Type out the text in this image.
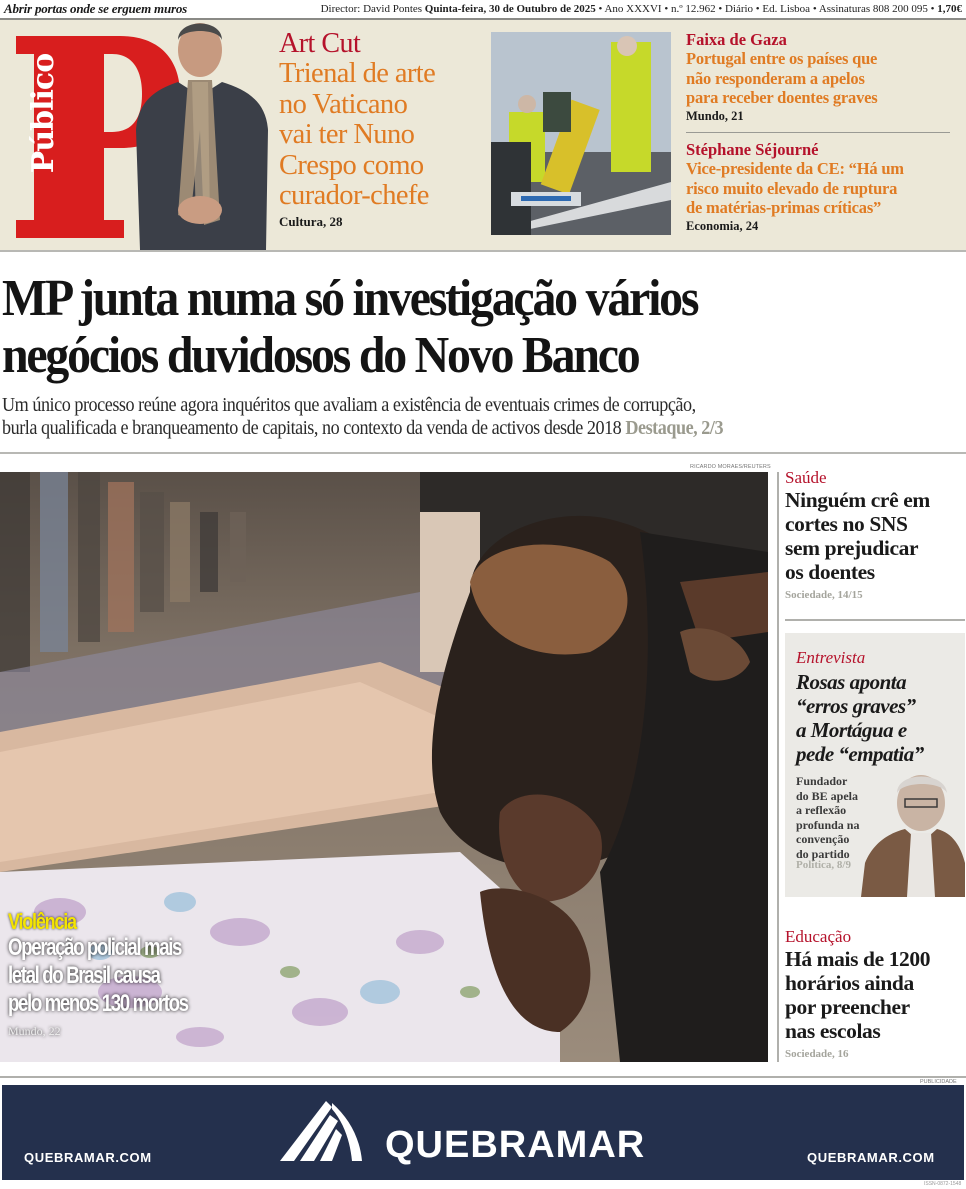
Abrir portas onde se erguem muros	Director: David Pontes Quinta-feira, 30 de Outubro de 2025 • Ano XXXVI • n.º 12.962 • Diário • Ed. Lisboa • Assinaturas 808 200 095 • 1,70€
Público
Art Cut
Trienal de arte
no Vaticano
vai ter Nuno
Crespo como
curador-chefe
Cultura, 28
Faixa de Gaza
Portugal entre os países que
não responderam a apelos
para receber doentes graves
Mundo, 21
Stéphane Séjourné
Vice-presidente da CE: “Há um
risco muito elevado de ruptura
de matérias-primas críticas”
Economia, 24
MP junta numa só investigação vários
negócios duvidosos do Novo Banco
Um único processo reúne agora inquéritos que avaliam a existência de eventuais crimes de corrupção,
burla qualificada e branqueamento de capitais, no contexto da venda de activos desde 2018 Destaque, 2/3
RICARDO MORAES/REUTERS
Violência
Operação policial mais
letal do Brasil causa
pelo menos 130 mortos
Mundo, 22
Saúde
Ninguém crê em
cortes no SNS
sem prejudicar
os doentes
Sociedade, 14/15
Entrevista
Rosas aponta
“erros graves”
a Mortágua e
pede “empatia”
Fundador
do BE apela
a reflexão
profunda na
convenção
do partido
Política, 8/9
Educação
Há mais de 1200
horários ainda
por preencher
nas escolas
Sociedade, 16
PUBLICIDADE
QUEBRAMAR.COM	QUEBRAMAR	QUEBRAMAR.COM
ISSN-0872-1548
